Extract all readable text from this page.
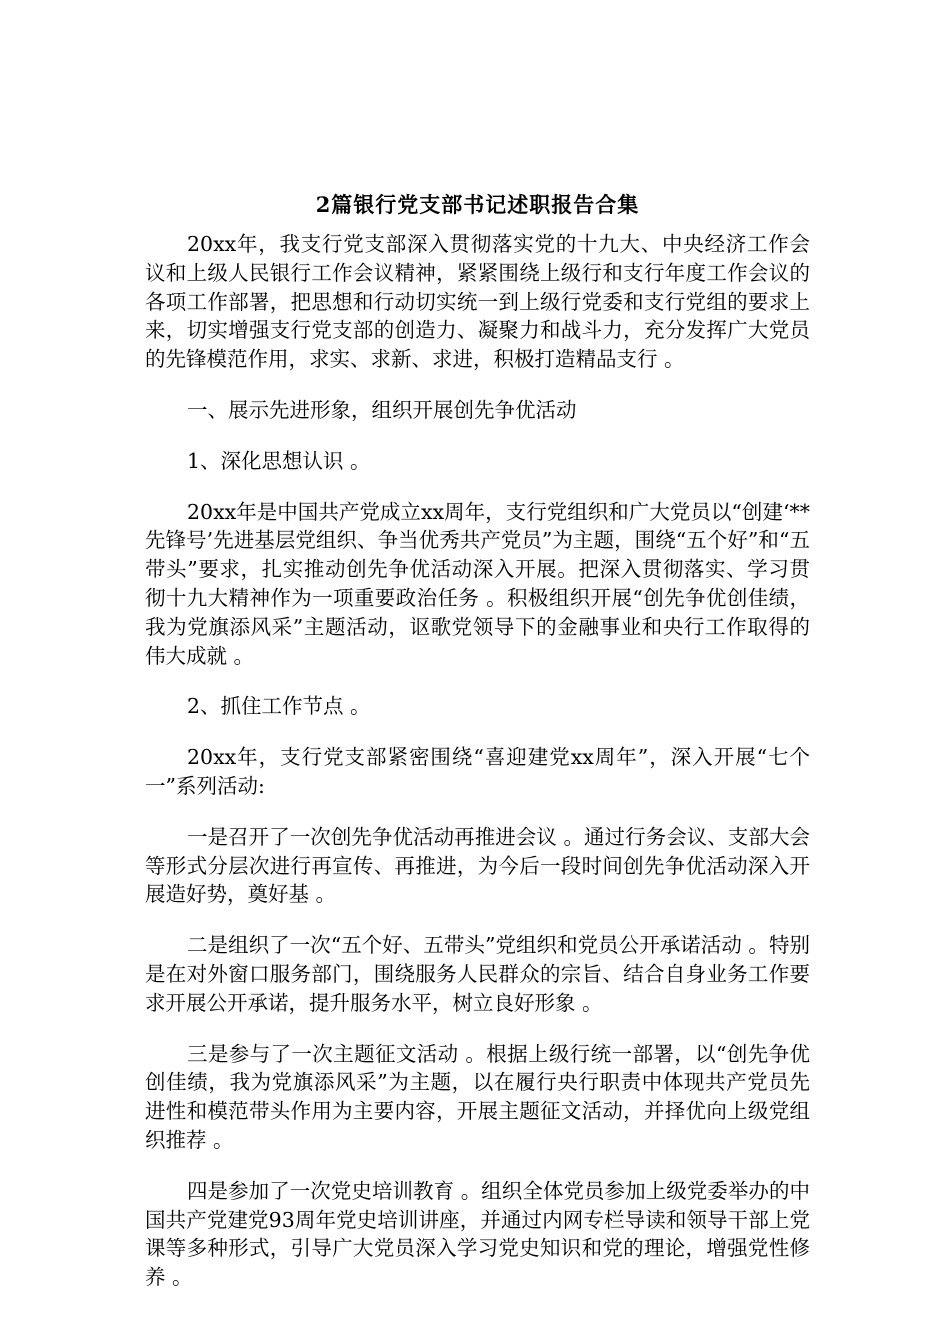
2篇银行党支部书记述职报告合集

20xx年，我支行党支部深入贯彻落实党的十九大、中央经济工作会议和上级人民银行工作会议精神，紧紧围绕上级行和支行年度工作会议的各项工作部署，把思想和行动切实统一到上级行党委和支行党组的要求上来，切实增强支行党支部的创造力、凝聚力和战斗力，充分发挥广大党员的先锋模范作用，求实、求新、求进，积极打造精品支行 。

一、展示先进形象，组织开展创先争优活动

1、深化思想认识 。

20xx年是中国共产党成立xx周年，支行党组织和广大党员以“创建‘**先锋号’先进基层党组织、争当优秀共产党员”为主题，围绕“五个好”和“五带头”要求，扎实推动创先争优活动深入开展。把深入贯彻落实、学习贯彻十九大精神作为一项重要政治任务 。积极组织开展“创先争优创佳绩，我为党旗添风采”主题活动，讴歌党领导下的金融事业和央行工作取得的伟大成就 。

2、抓住工作节点 。

20xx年，支行党支部紧密围绕“喜迎建党xx周年”，深入开展“七个一”系列活动:

一是召开了一次创先争优活动再推进会议 。通过行务会议、支部大会等形式分层次进行再宣传、再推进，为今后一段时间创先争优活动深入开展造好势，奠好基 。

二是组织了一次“五个好、五带头”党组织和党员公开承诺活动 。特别是在对外窗口服务部门，围绕服务人民群众的宗旨、结合自身业务工作要求开展公开承诺，提升服务水平，树立良好形象 。

三是参与了一次主题征文活动 。根据上级行统一部署，以“创先争优创佳绩，我为党旗添风采”为主题，以在履行央行职责中体现共产党员先进性和模范带头作用为主要内容，开展主题征文活动，并择优向上级党组织推荐 。

四是参加了一次党史培训教育 。组织全体党员参加上级党委举办的中国共产党建党93周年党史培训讲座，并通过内网专栏导读和领导干部上党课等多种形式，引导广大党员深入学习党史知识和党的理论，增强党性修养 。
